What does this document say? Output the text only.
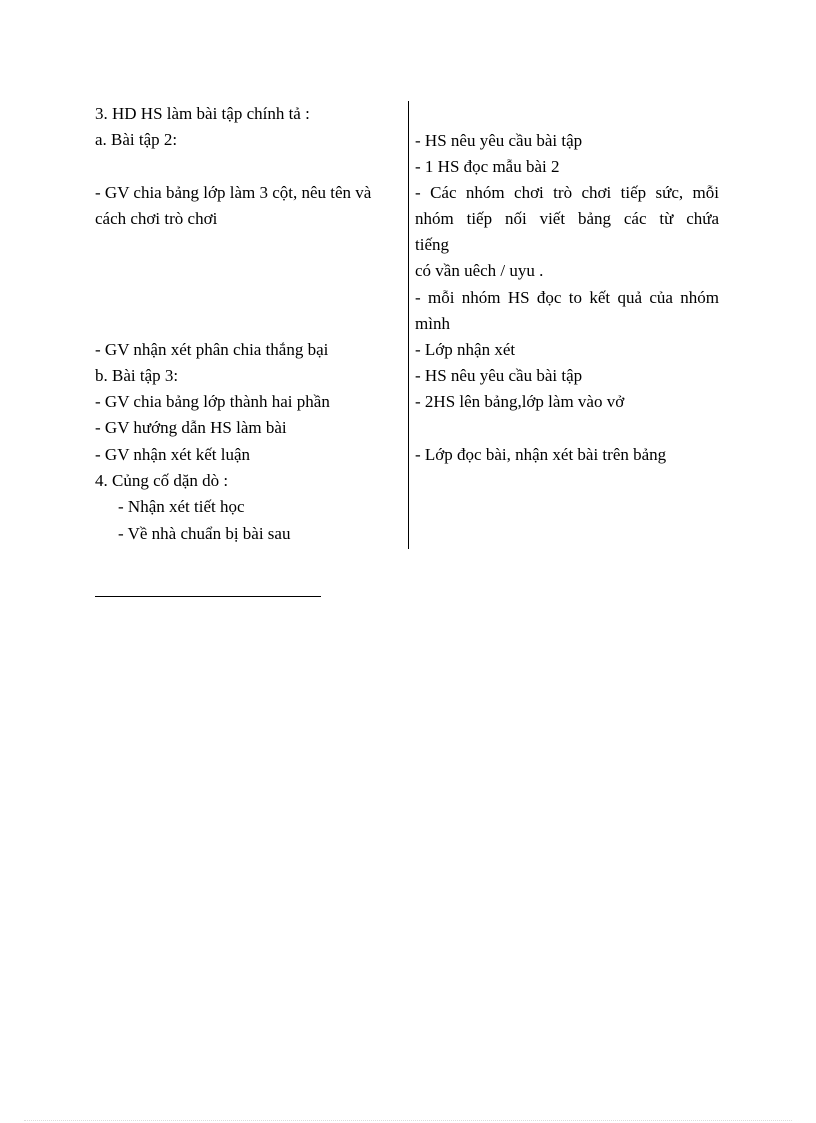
3. HD HS làm bài tập chính tả :
a. Bài tập 2:
- GV chia bảng lớp làm 3 cột, nêu tên và
cách chơi trò chơi
- GV nhận xét phân chia thắng bại
b. Bài tập 3:
- GV chia bảng lớp thành hai phần
- GV hướng dẫn HS làm bài
- GV nhận xét kết luận
4. Củng cố dặn dò :
- Nhận xét tiết học
- Về nhà chuẩn bị bài sau
- HS nêu yêu cầu bài tập
- 1 HS đọc mẫu bài 2
- Các nhóm chơi trò chơi tiếp sức, mỗi
nhóm tiếp nối viết bảng các từ chứa
tiếng
có vần uêch / uyu .
- mỗi nhóm HS đọc to kết quả của nhóm
mình
- Lớp nhận xét
- HS nêu yêu cầu bài tập
- 2HS lên bảng,lớp làm vào vở
- Lớp đọc bài, nhận xét bài trên bảng
